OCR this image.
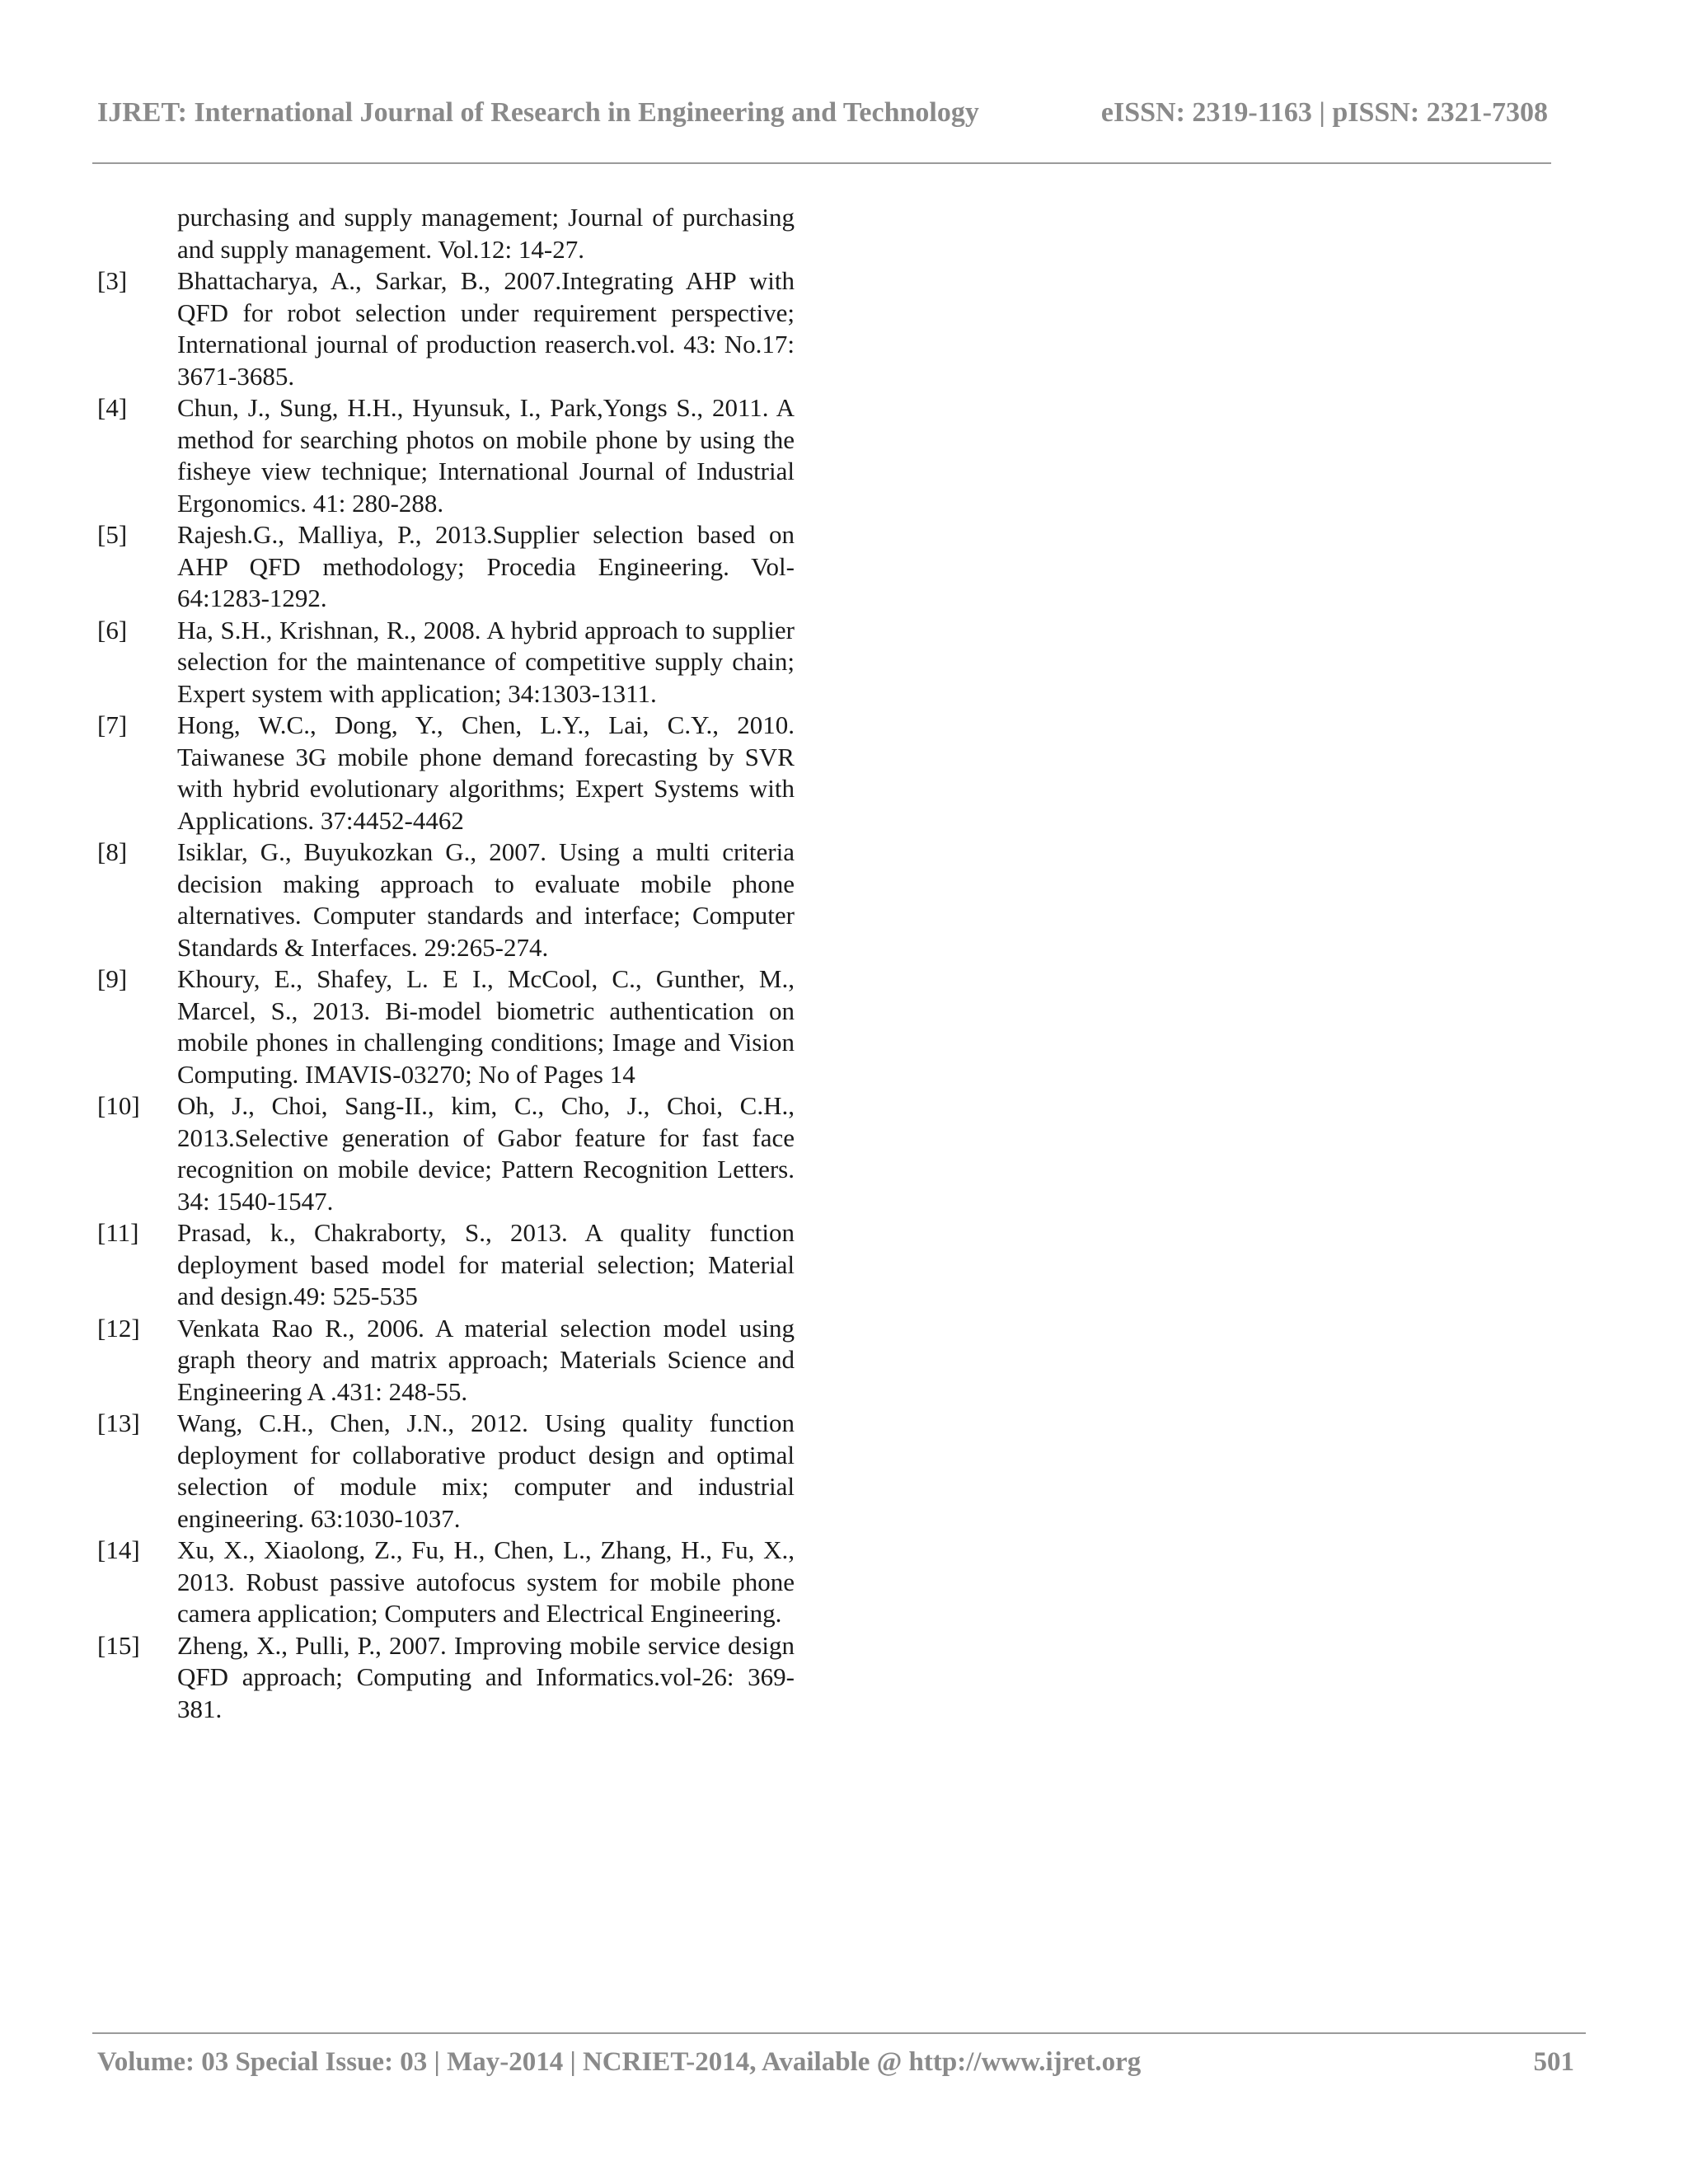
IJRET: International Journal of Research in Engineering and Technology	eISSN: 2319-1163 | pISSN: 2321-7308
purchasing and supply management; Journal of purchasing and supply management. Vol.12: 14-27.
[3]	Bhattacharya, A., Sarkar, B., 2007.Integrating AHP with QFD for robot selection under requirement perspective; International journal of production reaserch.vol. 43: No.17: 3671-3685.
[4]	Chun, J., Sung, H.H., Hyunsuk, I., Park,Yongs S., 2011. A method for searching photos on mobile phone by using the fisheye view technique; International Journal of Industrial Ergonomics. 41: 280-288.
[5]	Rajesh.G., Malliya, P., 2013.Supplier selection based on AHP QFD methodology; Procedia Engineering. Vol-64:1283-1292.
[6]	Ha, S.H., Krishnan, R., 2008. A hybrid approach to supplier selection for the maintenance of competitive supply chain; Expert system with application; 34:1303-1311.
[7]	Hong, W.C., Dong, Y., Chen, L.Y., Lai, C.Y., 2010. Taiwanese 3G mobile phone demand forecasting by SVR with hybrid evolutionary algorithms; Expert Systems with Applications. 37:4452-4462
[8]	Isiklar, G., Buyukozkan G., 2007. Using a multi criteria decision making approach to evaluate mobile phone alternatives. Computer standards and interface; Computer Standards & Interfaces. 29:265-274.
[9]	Khoury, E., Shafey, L. E I., McCool, C., Gunther, M., Marcel, S., 2013. Bi-model biometric authentication on mobile phones in challenging conditions; Image and Vision Computing. IMAVIS-03270; No of Pages 14
[10]	Oh, J., Choi, Sang-II., kim, C., Cho, J., Choi, C.H., 2013.Selective generation of Gabor feature for fast face recognition on mobile device; Pattern Recognition Letters. 34: 1540-1547.
[11]	Prasad, k., Chakraborty, S., 2013. A quality function deployment based model for material selection; Material and design.49: 525-535
[12]	Venkata Rao R., 2006. A material selection model using graph theory and matrix approach; Materials Science and Engineering A .431: 248-55.
[13]	Wang, C.H., Chen, J.N., 2012. Using quality function deployment for collaborative product design and optimal selection of module mix; computer and industrial engineering. 63:1030-1037.
[14]	Xu, X., Xiaolong, Z., Fu, H., Chen, L., Zhang, H., Fu, X., 2013. Robust passive autofocus system for mobile phone camera application; Computers and Electrical Engineering.
[15]	Zheng, X., Pulli, P., 2007. Improving mobile service design QFD approach; Computing and Informatics.vol-26: 369-381.
Volume: 03 Special Issue: 03 | May-2014 | NCRIET-2014, Available @ http://www.ijret.org	501
